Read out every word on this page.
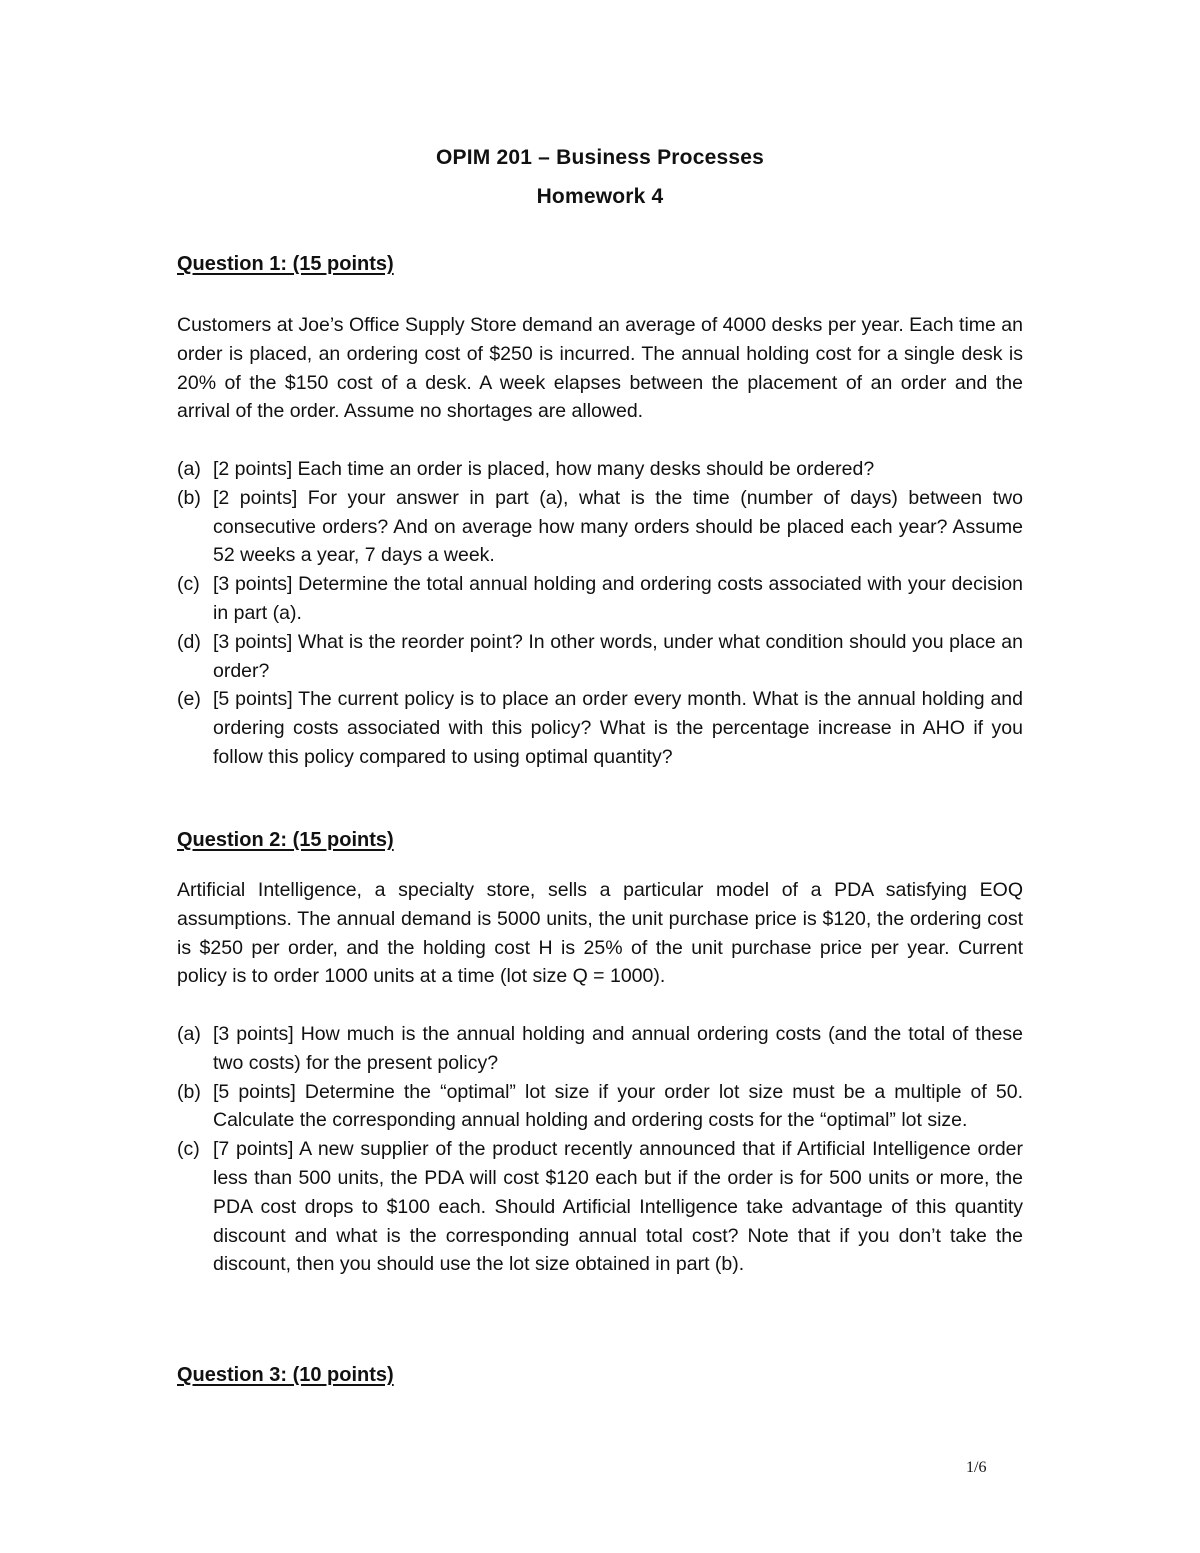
OPIM 201 – Business Processes
Homework 4
Question 1: (15 points)
Customers at Joe’s Office Supply Store demand an average of 4000 desks per year. Each time an order is placed, an ordering cost of $250 is incurred. The annual holding cost for a single desk is 20% of the $150 cost of a desk. A week elapses between the placement of an order and the arrival of the order. Assume no shortages are allowed.
(a) [2 points] Each time an order is placed, how many desks should be ordered?
(b) [2 points] For your answer in part (a), what is the time (number of days) between two consecutive orders? And on average how many orders should be placed each year? Assume 52 weeks a year, 7 days a week.
(c) [3 points] Determine the total annual holding and ordering costs associated with your decision in part (a).
(d) [3 points] What is the reorder point? In other words, under what condition should you place an order?
(e) [5 points] The current policy is to place an order every month. What is the annual holding and ordering costs associated with this policy? What is the percentage increase in AHO if you follow this policy compared to using optimal quantity?
Question 2: (15 points)
Artificial Intelligence, a specialty store, sells a particular model of a PDA satisfying EOQ assumptions. The annual demand is 5000 units, the unit purchase price is $120, the ordering cost is $250 per order, and the holding cost H is 25% of the unit purchase price per year. Current policy is to order 1000 units at a time (lot size Q = 1000).
(a) [3 points] How much is the annual holding and annual ordering costs (and the total of these two costs) for the present policy?
(b) [5 points] Determine the “optimal” lot size if your order lot size must be a multiple of 50. Calculate the corresponding annual holding and ordering costs for the “optimal” lot size.
(c) [7 points] A new supplier of the product recently announced that if Artificial Intelligence order less than 500 units, the PDA will cost $120 each but if the order is for 500 units or more, the PDA cost drops to $100 each. Should Artificial Intelligence take advantage of this quantity discount and what is the corresponding annual total cost? Note that if you don’t take the discount, then you should use the lot size obtained in part (b).
Question 3: (10 points)
1/6
